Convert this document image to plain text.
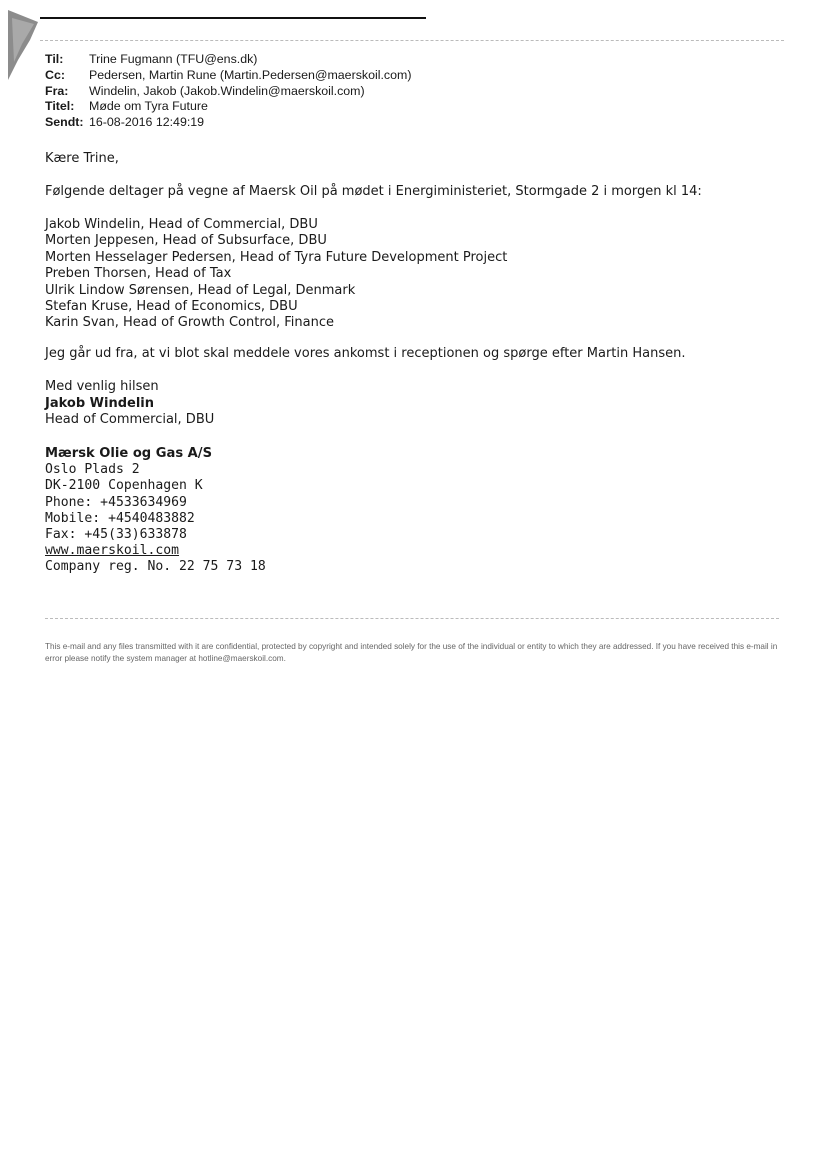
Til:	Trine Fugmann (TFU@ens.dk)
Cc:	Pedersen, Martin Rune (Martin.Pedersen@maerskoil.com)
Fra:	Windelin, Jakob (Jakob.Windelin@maerskoil.com)
Titel:	Møde om Tyra Future
Sendt: 16-08-2016 12:49:19
Kære Trine,
Følgende deltager på vegne af Maersk Oil på mødet i Energiministeriet, Stormgade 2 i morgen kl 14:
Jakob Windelin, Head of Commercial, DBU
Morten Jeppesen, Head of Subsurface, DBU
Morten Hesselager Pedersen, Head of Tyra Future Development Project
Preben Thorsen, Head of Tax
Ulrik Lindow Sørensen, Head of Legal, Denmark
Stefan Kruse, Head of Economics, DBU
Karin Svan, Head of Growth Control, Finance
Jeg går ud fra, at vi blot skal meddele vores ankomst i receptionen og spørge efter Martin Hansen.
Med venlig hilsen
Jakob Windelin
Head of Commercial, DBU
Mærsk Olie og Gas A/S
Oslo Plads 2
DK-2100 Copenhagen K
Phone: +4533634969
Mobile: +4540483882
Fax: +45(33)633878
www.maerskoil.com
Company reg. No. 22 75 73 18
This e-mail and any files transmitted with it are confidential, protected by copyright and intended solely for the use of the individual or entity to which they are addressed. If you have received this e-mail in error please notify the system manager at hotline@maerskoil.com.
